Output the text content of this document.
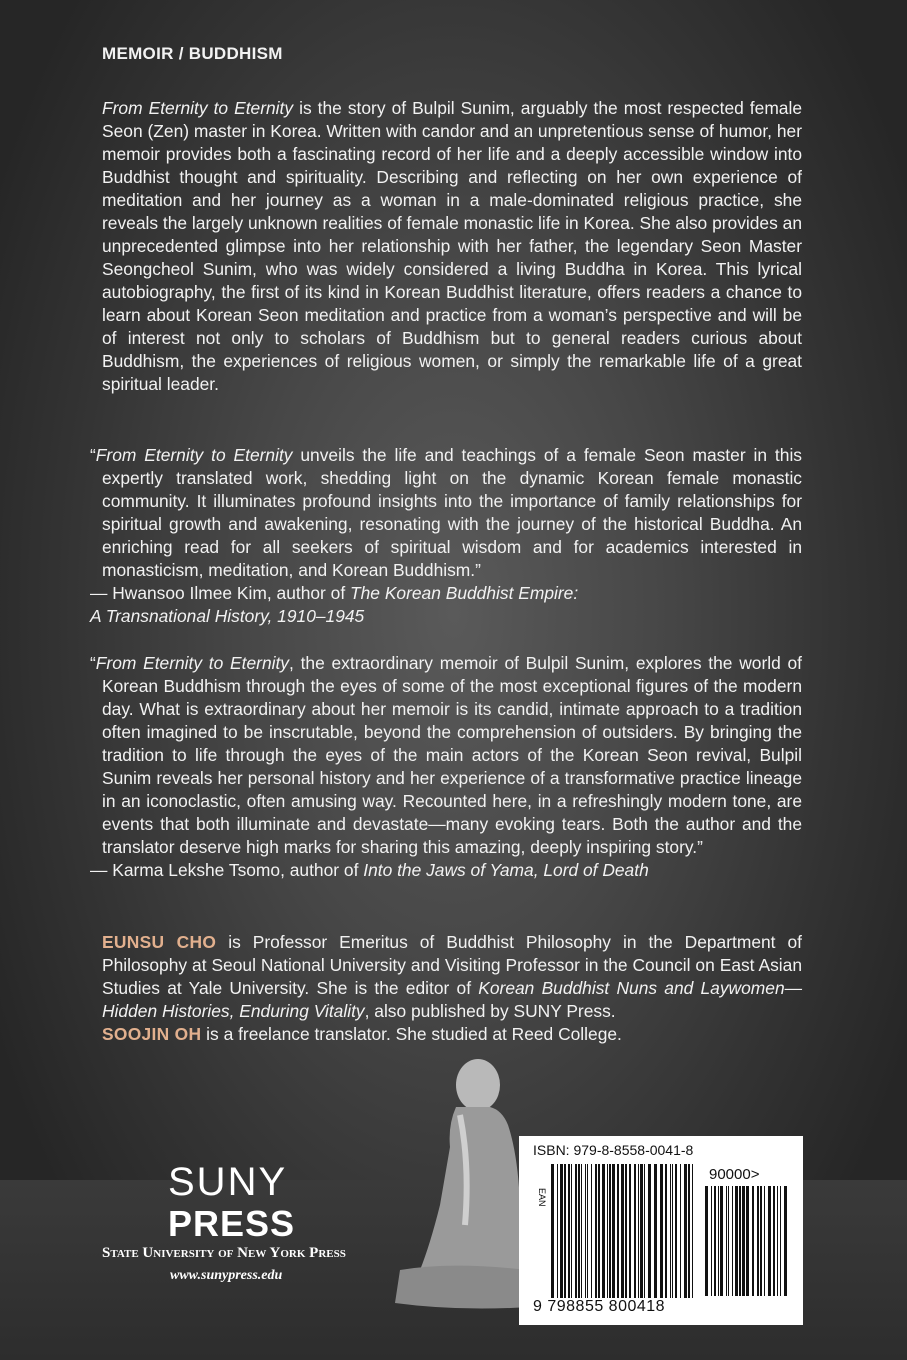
MEMOIR / BUDDHISM
From Eternity to Eternity is the story of Bulpil Sunim, arguably the most respected female Seon (Zen) master in Korea. Written with candor and an unpretentious sense of humor, her memoir provides both a fascinating record of her life and a deeply accessible window into Buddhist thought and spirituality. Describing and reflecting on her own experience of meditation and her journey as a woman in a male-dominated religious practice, she reveals the largely unknown realities of female monastic life in Korea. She also provides an unprecedented glimpse into her relationship with her father, the legendary Seon Master Seongcheol Sunim, who was widely considered a living Buddha in Korea. This lyrical autobiography, the first of its kind in Korean Buddhist literature, offers readers a chance to learn about Korean Seon meditation and practice from a woman’s perspective and will be of interest not only to scholars of Buddhism but to general readers curious about Buddhism, the experiences of religious women, or simply the remarkable life of a great spiritual leader.

“From Eternity to Eternity unveils the life and teachings of a female Seon master in this expertly translated work, shedding light on the dynamic Korean female monastic community. It illuminates profound insights into the importance of family relationships for spiritual growth and awakening, resonating with the journey of the historical Buddha. An enriching read for all seekers of spiritual wisdom and for academics interested in monasticism, meditation, and Korean Buddhism.”

— Hwansoo Ilmee Kim, author of The Korean Buddhist Empire:

A Transnational History, 1910–1945

“From Eternity to Eternity, the extraordinary memoir of Bulpil Sunim, explores the world of Korean Buddhism through the eyes of some of the most exceptional figures of the modern day. What is extraordinary about her memoir is its candid, intimate approach to a tradition often imagined to be inscrutable, beyond the comprehension of outsiders. By bringing the tradition to life through the eyes of the main actors of the Korean Seon revival, Bulpil Sunim reveals her personal history and her experience of a transformative practice lineage in an iconoclastic, often amusing way. Recounted here, in a refreshingly modern tone, are events that both illuminate and devastate—many evoking tears. Both the author and the translator deserve high marks for sharing this amazing, deeply inspiring story.”

— Karma Lekshe Tsomo, author of Into the Jaws of Yama, Lord of Death

EUNSU CHO is Professor Emeritus of Buddhist Philosophy in the Department of Philosophy at Seoul National University and Visiting Professor in the Council on East Asian Studies at Yale University. She is the editor of Korean Buddhist Nuns and Laywomen—Hidden Histories, Enduring Vitality, also published by SUNY Press.
SOOJIN OH is a freelance translator. She studied at Reed College.
SUNY
PRESS
State University of New York Press
www.sunypress.edu
ISBN: 979-8-8558-0041-8
90000>
EAN
9 798855 800418
